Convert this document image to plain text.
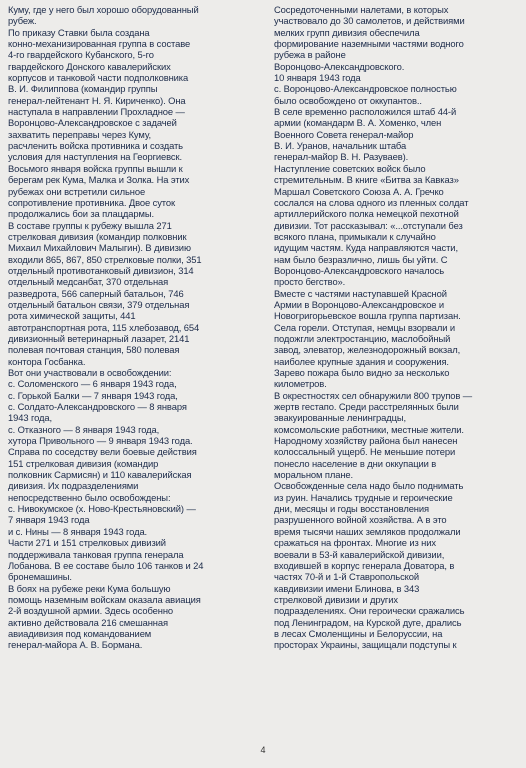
Куму, где у него был хорошо оборудованный
рубеж.

По приказу Ставки была создана
конно-механизированная группа в составе
4-го гвардейского Кубанского, 5-го
гвардейского Донского кавалерийских
корпусов и танковой части подполковника
В. И. Филиппова (командир группы
генерал-лейтенант Н. Я. Кириченко). Она
наступала в направлении Прохладное —
Воронцово-Александровское с задачей
захватить переправы через Куму,
расчленить войска противника и создать
условия для наступления на Георгиевск.
Восьмого января войска группы вышли к
берегам рек Кума, Малка и Золка. На этих
рубежах они встретили сильное
сопротивление противника. Двое суток
продолжались бои за плацдармы.

В составе группы к рубежу вышла 271
стрелковая дивизия (командир полковник
Михаил Михайлович Малыгин). В дивизию
входили 865, 867, 850 стрелковые полки, 351
отдельный противотанковый дивизион, 314
отдельный медсанбат, 370 отдельная
разведрота, 566 саперный батальон, 746
отдельный батальон связи, 379 отдельная
рота химической защиты, 441
автотранспортная рота, 115 хлебозавод, 654
дивизионный ветеринарный лазарет, 2141
полевая почтовая станция, 580 полевая
контора Госбанка.

Вот они участвовали в освобождении:
с. Соломенского — 6 января 1943 года,
с. Горькой Балки — 7 января 1943 года,
с. Солдато-Александровского — 8 января
1943 года,
с. Отказного — 8 января 1943 года,
хутора Привольного — 9 января 1943 года.

Справа по соседству вели боевые действия
151 стрелковая дивизия (командир
полковник Сармисян) и 110 кавалерийская
дивизия. Их подразделениями
непосредственно было освобождены:
с. Нивокумское (х. Ново-Крестьяновский) —
7 января 1943 года
и с. Нины — 8 января 1943 года.

Части 271 и 151 стрелковых дивизий
поддерживала танковая группа генерала
Лобанова. В ее составе было 106 танков и 24
бронемашины.

В боях на рубеже реки Кума большую
помощь наземным войскам оказала авиация
2-й воздушной армии. Здесь особенно
активно действовала 216 смешанная
авиадивизия под командованием
генерал-майора А. В. Бормана.

Сосредоточенными налетами, в которых
участвовало до 30 самолетов, и действиями
мелких групп дивизия обеспечила
формирование наземными частями водного
рубежа в районе
Воронцово-Александровского.

10 января 1943 года
с. Воронцово-Александровское полностью
было освобождено от оккупантов..

В селе временно расположился штаб 44-й
армии (командарм В. А. Хоменко, член
Военного Совета генерал-майор
В. И. Уранов, начальник штаба
генерал-майор В. Н. Разуваев).

Наступление советских войск было
стремительным. В книге «Битва за Кавказ»
Маршал Советского Союза А. А. Гречко
сослался на слова одного из пленных солдат
артиллерийского полка немецкой пехотной
дивизии. Тот рассказывал: «...отступали без
всякого плана, примыкали к случайно
идущим частям. Куда направляются части,
нам было безразлично, лишь бы уйти. С
Воронцово-Александровского началось
просто бегство».

Вместе с частями наступавшей Красной
Армии в Воронцово-Александровское и
Новогригорьевское вошла группа партизан.
Села горели. Отступая, немцы взорвали и
подожгли электростанцию, маслобойный
завод, элеватор, железнодорожный вокзал,
наиболее крупные здания и сооружения.
Зарево пожара было видно за несколько
километров.

В окрестностях сел обнаружили 800 трупов —
жертв гестапо. Среди расстрелянных были
эвакуированные ленинградцы,
комсомольские работники, местные жители.
Народному хозяйству района был нанесен
колоссальный ущерб. Не меньшие потери
понесло население в дни оккупации в
моральном плане.

Освобожденные села надо было поднимать
из руин. Начались трудные и героические
дни, месяцы и годы восстановления
разрушенного войной хозяйства. А в это
время тысячи наших земляков продолжали
сражаться на фронтах. Многие из них
воевали в 53-й кавалерийской дивизии,
входившей в корпус генерала Доватора, в
частях 70-й и 1-й Ставропольской
кавдивизии имени Блинова, в 343
стрелковой дивизии и других
подразделениях. Они героически сражались
под Ленинградом, на Курской дуге, дрались
в лесах Смоленщины и Белоруссии, на
просторах Украины, защищали подступы к

4
